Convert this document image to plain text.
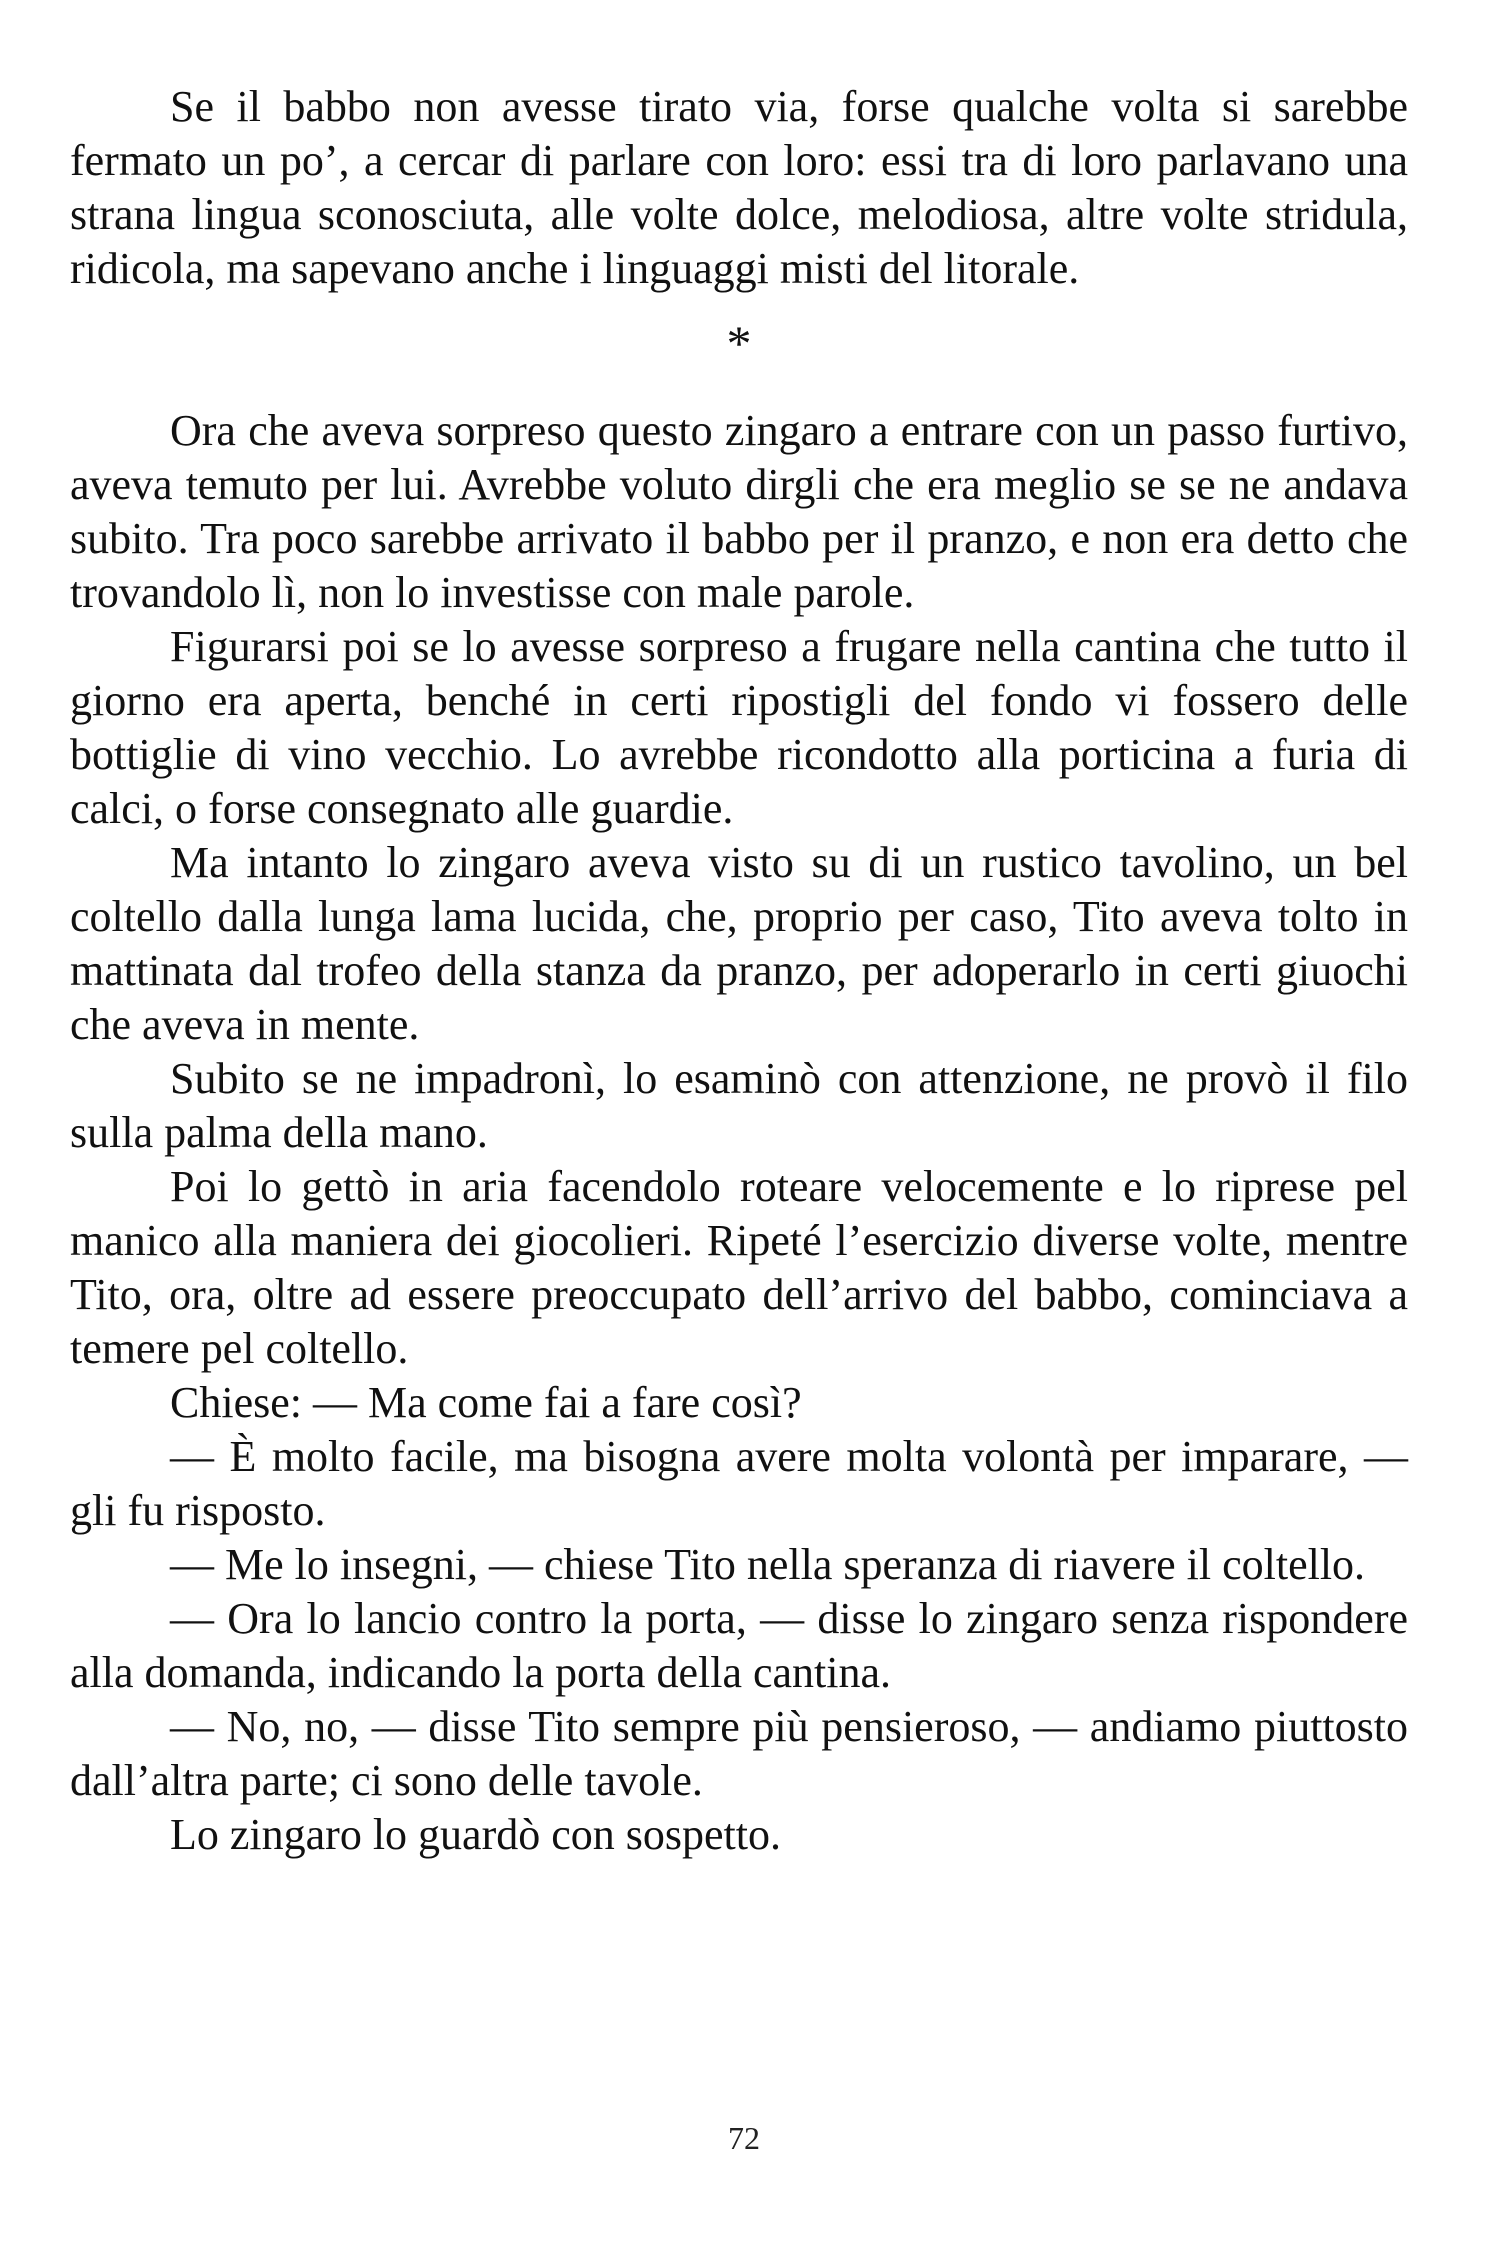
Se il babbo non avesse tirato via, forse qualche volta si sarebbe fermato un po’, a cercar di parlare con loro: essi tra di loro parlavano una strana lingua sconosciuta, alle volte dolce, melodiosa, altre volte stridula, ridicola, ma sapevano anche i linguaggi misti del litorale.

*

Ora che aveva sorpreso questo zingaro a entrare con un passo furtivo, aveva temuto per lui. Avrebbe voluto dirgli che era meglio se se ne andava subito. Tra poco sarebbe arrivato il babbo per il pranzo, e non era detto che trovandolo lì, non lo investisse con male parole.

Figurarsi poi se lo avesse sorpreso a frugare nella cantina che tutto il giorno era aperta, benché in certi ripostigli del fondo vi fossero delle bottiglie di vino vecchio. Lo avrebbe ricondotto alla porticina a furia di calci, o forse consegnato alle guardie.

Ma intanto lo zingaro aveva visto su di un rustico tavolino, un bel coltello dalla lunga lama lucida, che, proprio per caso, Tito aveva tolto in mattinata dal trofeo della stanza da pranzo, per adoperarlo in certi giuochi che aveva in mente.

Subito se ne impadronì, lo esaminò con attenzione, ne provò il filo sulla palma della mano.

Poi lo gettò in aria facendolo roteare velocemente e lo riprese pel manico alla maniera dei giocolieri. Ripeté l’esercizio diverse volte, mentre Tito, ora, oltre ad essere preoccupato dell’arrivo del babbo, cominciava a temere pel coltello.

Chiese: — Ma come fai a fare così?

— È molto facile, ma bisogna avere molta volontà per imparare, — gli fu risposto.

— Me lo insegni, — chiese Tito nella speranza di riavere il coltello.

— Ora lo lancio contro la porta, — disse lo zingaro senza rispondere alla domanda, indicando la porta della cantina.

— No, no, — disse Tito sempre più pensieroso, — andiamo piuttosto dall’altra parte; ci sono delle tavole.

Lo zingaro lo guardò con sospetto.

72
